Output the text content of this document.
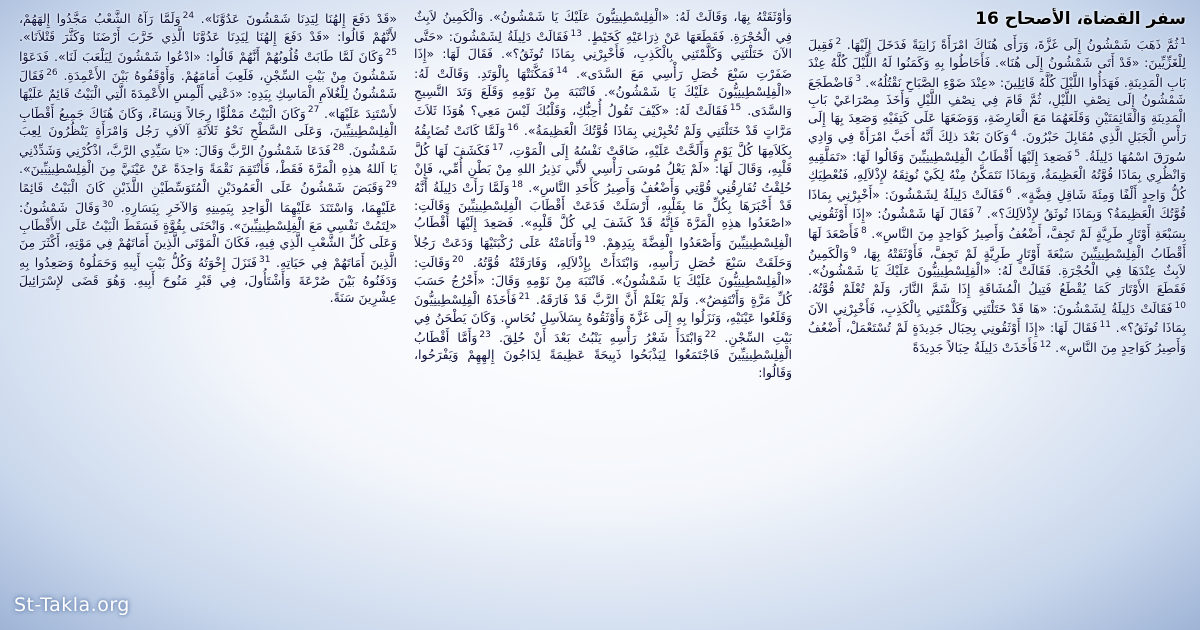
سفر القضاة، الأصحاح 16
$^1$ثُمَّ ذَهَبَ شَمْشُونُ إِلَى غَزَّةَ، وَرَأَى هُنَاكَ امْرَأَةً زَانِيَةً فَدَخَلَ إِلَيْهَا. $^2$فَقِيلَ لِلْغَزِّيِّينَ: «قَدْ أَتَى شَمْشُونُ إِلَى هُنَا». فَأَحَاطُوا بِهِ وَكَمَنُوا لَهُ اللَّيْلَ كُلَّهُ عِنْدَ بَابِ الْمَدِينَةِ. فَهَدَأُوا اللَّيْلَ كُلَّهُ قَائِلِينَ: «عِنْدَ ضَوْءِ الصَّبَاحِ نَقْتُلُهُ». $^3$فَاضْطَجَعَ شَمْشُونُ إِلَى نِصْفِ اللَّيْلِ، ثُمَّ قَامَ فِي نِصْفِ اللَّيْلِ وَأَخَذَ مِصْرَاعَيْ بَابِ الْمَدِينَةِ وَالْقَائِمَتَيْنِ وَقَلَعَهُمَا مَعَ الْعَارِضَةِ، وَوَضَعَهَا عَلَى كَتِفَيْهِ وَصَعِدَ بِهَا إِلَى رَأْسِ الْجَبَلِ الَّذِي مُقَابِلَ حَبْرُونَ. $^4$وَكَانَ بَعْدَ ذلِكَ أَنَّهُ أَحَبَّ امْرَأَةً فِي وَادِي سُورَقَ اسْمُهَا دَلِيلَةُ. $^5$فَصَعِدَ إِلَيْهَا أَقْطَابُ الْفِلِسْطِينِيِّينَ وَقَالُوا لَهَا: «تَمَلَّقِيهِ وَانْظُرِي بِمَاذَا قُوَّتُهُ الْعَظِيمَةُ، وَبِمَاذَا نَتَمَكَّنُ مِنْهُ لِكَيْ نُوثِقَهُ لإِذْلاَلِهِ، فَنُعْطِيَكِ كُلُّ وَاحِدٍ أَلْفًا وَمِئَةَ شَاقِلِ فِضَّةٍ». $^6$فَقَالَتْ دَلِيلَةُ لِشَمْشُونَ: «أَخْبِرْنِي بِمَاذَا قُوَّتُكَ الْعَظِيمَةُ؟ وَبِمَاذَا تُوثَقُ لإِذْلاَلِكَ؟». $^7$فَقَالَ لَهَا شَمْشُونُ: «إِذَا أَوْثَقُونِي بِسَبْعَةِ أَوْتَارٍ طَرِيَّةٍ لَمْ تَجِفَّ، أَضْعُفُ وَأَصِيرُ كَوَاحِدٍ مِنَ النَّاسِ». $^8$فَأَصْعَدَ لَهَا أَقْطَابُ الْفِلِسْطِينِيِّينَ سَبْعَةَ أَوْتَارٍ طَرِيَّةٍ لَمْ تَجِفَّ، فَأَوْثَقَتْهُ بِهَا، $^9$وَالْكَمِينُ لاَبِثٌ عِنْدَهَا فِي الْحُجْرَةِ. فَقَالَتْ لَهُ: «الْفِلِسْطِينِيُّونَ عَلَيْكَ يَا شَمْشُونُ». فَقَطَعَ الأَوْتَارَ كَمَا يُقْطَعُ فَتِيلُ الْمُشَاقَةِ إِذَا شَمَّ النَّارَ، وَلَمْ تُعْلَمْ قُوَّتُهُ. $^{10}$فَقَالَتْ دَلِيلَةُ لِشَمْشُونَ: «هَا قَدْ خَتَلْتَنِي وَكَلَّمْتَنِي بِالْكَذِبِ، فَأَخْبِرْنِي الآنَ بِمَاذَا تُوثَقُ؟». $^{11}$فَقَالَ لَهَا: «إِذَا أَوْثَقُونِي بِحِبَال جَدِيدَةٍ لَمْ تُسْتَعْمَلْ، أَضْعُفُ وَأَصِيرُ كَوَاحِدٍ مِنَ النَّاسِ». $^{12}$فَأَخَذَتْ دَلِيلَةُ حِبَالاً جَدِيدَةً
وَأَوْثَقَتْهُ بِهَا، وَقَالَتْ لَهُ: «الْفِلِسْطِينِيُّونَ عَلَيْكَ يَا شَمْشُونُ». وَالْكَمِينُ لاَبِثٌ فِي الْحُجْرَةِ. فَقَطَعَهَا عَنْ ذِرَاعَيْهِ كَخَيْطٍ. $^{13}$فَقَالَتْ دَلِيلَةُ لِشَمْشُونَ: «حَتَّى الآنَ خَتَلْتَنِي وَكَلَّمْتَنِي بِالْكَذِبِ، فَأَخْبِرْنِي بِمَاذَا تُوثَقُ؟». فَقَالَ لَهَا: «إِذَا ضَفَرْتِ سَبْعَ خُصَلِ رَأْسِي مَعَ السَّدَى». $^{14}$فَمَكَّنَتْهَا بِالْوَتَدِ. وَقَالَتْ لَهُ: «الْفِلِسْطِينِيُّونَ عَلَيْكَ يَا شَمْشُونُ». فَانْتَبَهَ مِنْ نَوْمِهِ وَقَلَعَ وَتَدَ النَّسِيجِ وَالسَّدَى. $^{15}$فَقَالَتْ لَهُ: «كَيْفَ تَقُولُ أُحِبُّكِ، وَقَلْبُكَ لَيْسَ مَعِي؟ هُوَذَا ثَلاَثَ مَرَّاتٍ قَدْ خَتَلْتَنِي وَلَمْ تُخْبِرْنِي بِمَاذَا قُوَّتُكَ الْعَظِيمَةُ». $^{16}$وَلَمَّا كَانَتْ تُضَايِقُهُ بِكَلاَمِهَا كُلَّ يَوْمٍ وَأَلَحَّتْ عَلَيْهِ، ضَاقَتْ نَفْسُهُ إِلَى الْمَوْتِ، $^{17}$فَكَشَفَ لَهَا كُلَّ قَلْبِهِ، وَقَالَ لَهَا: «لَمْ يَعْلُ مُوسَى رَأْسِي لأَنِّي نَذِيرُ اللهِ مِنْ بَطْنِ أُمِّي، فَإِنْ حُلِقْتُ تُفَارِقُنِي قُوَّتِي وَأَضْعُفُ وَأَصِيرُ كَأَحَدِ النَّاسِ». $^{18}$وَلَمَّا رَأَتْ دَلِيلَةُ أَنَّهُ قَدْ أَخْبَرَهَا بِكُلِّ مَا بِقَلْبِهِ، أَرْسَلَتْ فَدَعَتْ أَقْطَابَ الْفِلِسْطِينِيِّينَ وَقَالَتِ: «اصْعَدُوا هذِهِ الْمَرَّةَ فَإِنَّهُ قَدْ كَشَفَ لِي كُلَّ قَلْبِهِ». فَصَعِدَ إِلَيْهَا أَقْطَابُ الْفِلِسْطِينِيِّينَ وَأَصْعَدُوا الْفِضَّةَ بِيَدِهِمْ. $^{19}$وَأَنَامَتْهُ عَلَى رُكْبَتَيْهَا وَدَعَتْ رَجُلاً وَحَلَقَتْ سَبْعَ خُصَلِ رَأْسِهِ، وَابْتَدَأَتْ بِإِذْلاَلِهِ، وَفَارَقَتْهُ قُوَّتُهُ. $^{20}$وَقَالَتِ: «الْفِلِسْطِينِيُّونَ عَلَيْكَ يَا شَمْشُونُ». فَانْتَبَهَ مِنْ نَوْمِهِ وَقَالَ: «أَخْرُجُ حَسَبَ كُلِّ مَرَّةٍ وَأَنْتَفِضُ». وَلَمْ يَعْلَمْ أَنَّ الرَّبَّ قَدْ فَارَقَهُ. $^{21}$فَأَخَذَهُ الْفِلِسْطِينِيُّونَ وَقَلَعُوا عَيْنَيْهِ، وَنَزَلُوا بِهِ إِلَى غَزَّةَ وَأَوْثَقُوهُ بِسَلاَسِلِ نُحَاسٍ. وَكَانَ يَطْحَنُ فِي بَيْتِ السِّجْنِ. $^{22}$وَابْتَدَأَ شَعْرُ رَأْسِهِ يَنْبُتُ بَعْدَ أَنْ حُلِقَ. $^{23}$وَأَمَّا أَقْطَابُ الْفِلِسْطِينِيِّينَ فَاجْتَمَعُوا لِيَذْبَحُوا ذَبِيحَةً عَظِيمَةً لِدَاجُونَ إِلهِهِمْ وَيَفْرَحُوا، وَقَالُوا:
«قَدْ دَفَعَ إِلهُنَا لِيَدِنَا شَمْشُونَ عَدُوَّنَا». $^{24}$وَلَمَّا رَآهُ الشَّعْبُ مَجَّدُوا إِلهَهُمْ، لأَنَّهُمْ قَالُوا: «قَدْ دَفَعَ إِلهُنَا لِيَدِنَا عَدُوَّنَا الَّذِي خَرَّبَ أَرْضَنَا وَكَثَّرَ قَتْلاَنَا». $^{25}$وَكَانَ لَمَّا طَابَتْ قُلُوبُهُمْ أَنَّهُمْ قَالُوا: «ادْعُوا شَمْشُونَ لِيَلْعَبَ لَنَا». فَدَعَوْا شَمْشُونَ مِنْ بَيْتِ السِّجْنِ، فَلَعِبَ أَمَامَهُمْ. وَأَوْقَفُوهُ بَيْنَ الأَعْمِدَةِ. $^{26}$فَقَالَ شَمْشُونُ لِلْغُلاَمِ الْمَاسِكِ بِيَدِهِ: «دَعْنِي أَلْمِسِ الأَعْمِدَةَ الَّتِي الْبَيْتُ قَائِمٌ عَلَيْهَا لأَسْتَنِدَ عَلَيْهَا». $^{27}$وَكَانَ الْبَيْتُ مَمْلُوًّا رِجَالاً وَنِسَاءً، وَكَانَ هُنَاكَ جَمِيعُ أَقْطَابِ الْفِلِسْطِينِيِّينَ، وَعَلَى السَّطْحِ نَحْوُ ثَلاَثَةِ آلاَفِ رَجُل وَامْرَأَةٍ يَنْظُرُونَ لِعِبَ شَمْشُونَ. $^{28}$فَدَعَا شَمْشُونُ الرَّبَّ وَقَالَ: «يَا سَيِّدِي الرَّبَّ، اذْكُرْنِي وَشَدِّدْنِي يَا اَللهُ هذِهِ الْمَرَّةَ فَقَطْ، فَأَنْتَقِمَ نَقْمَةً وَاحِدَةً عَنْ عَيْنَيَّ مِنَ الْفِلِسْطِينِيِّينَ». $^{29}$وَقَبَضَ شَمْشُونُ عَلَى الْعَمُودَيْنِ الْمُتَوَسِّطَيْنِ اللَّذَيْنِ كَانَ الْبَيْتُ قَائِمًا عَلَيْهِمَا، وَاسْتَنَدَ عَلَيْهِمَا الْوَاحِدِ بِيَمِينِهِ وَالآخَرِ بِيَسَارِهِ. $^{30}$وَقَالَ شَمْشُونُ: «لِتَمُتْ نَفْسِي مَعَ الْفِلِسْطِينِيِّينَ». وَانْحَنَى بِقُوَّةٍ فَسَقَطَ الْبَيْتُ عَلَى الأَقْطَابِ وَعَلَى كُلِّ الشَّعْبِ الَّذِي فِيهِ، فَكَانَ الْمَوْتَى الَّذِينَ أَمَاتَهُمْ فِي مَوْتِهِ، أَكْثَرَ مِنَ الَّذِينَ أَمَاتَهُمْ فِي حَيَاتِهِ. $^{31}$فَنَزَلَ إِخْوَتُهُ وَكُلُّ بَيْتِ أَبِيهِ وَحَمَلُوهُ وَصَعِدُوا بِهِ وَدَفَنُوهُ بَيْنَ صُرْعَةَ وَأَشْتَأُولَ، فِي قَبْرِ مَنُوحَ أَبِيهِ. وَهُوَ قَضَى لإِسْرَائِيلَ عِشْرِينَ سَنَةً.
St-Takla.org
